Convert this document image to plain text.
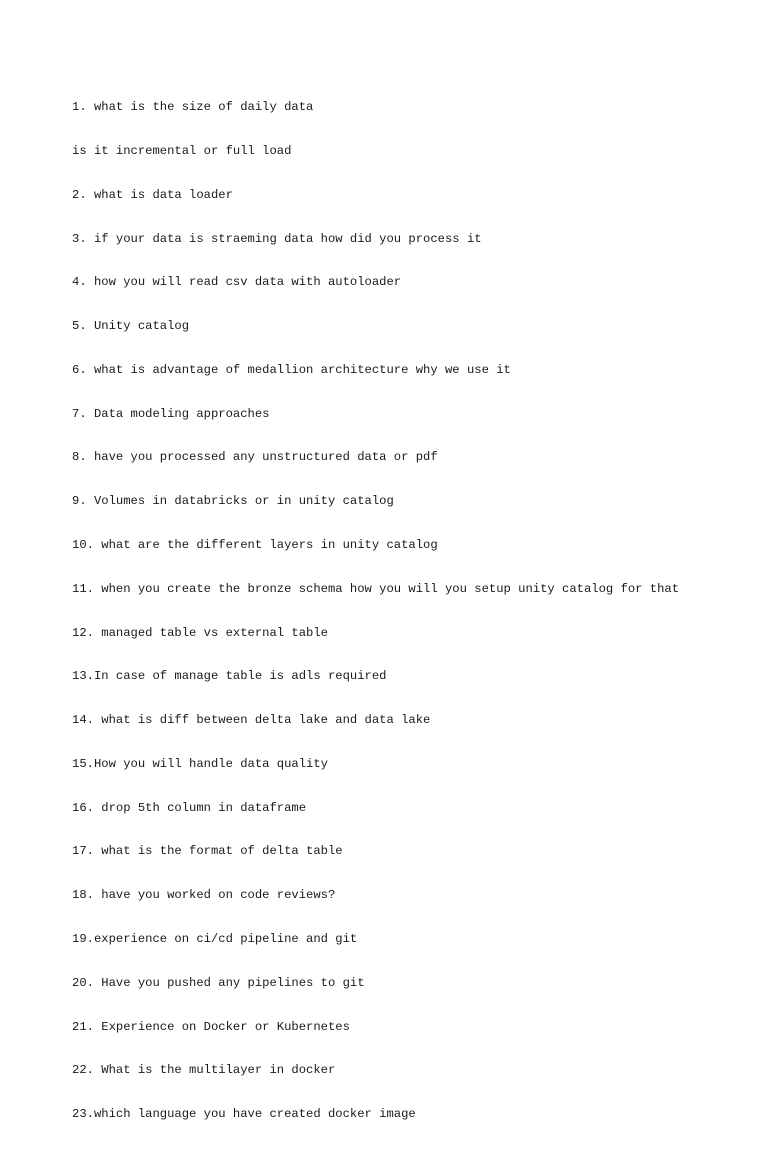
1. what is the size of daily data

is it incremental or full load

2. what is data loader

3. if your data is straeming data how did you process it

4. how you will read csv data with autoloader

5. Unity catalog

6. what is advantage of medallion architecture why we use it

7. Data modeling approaches

8. have you processed any unstructured data or pdf

9. Volumes in databricks or in unity catalog

10. what are the different layers in unity catalog

11. when you create the bronze schema how you will you setup unity catalog for that

12. managed table vs external table

13.In case of manage table is adls required

14. what is diff between delta lake and data lake

15.How you will handle data quality

16. drop 5th column in dataframe

17. what is the format of delta table

18. have you worked on code reviews?

19.experience on ci/cd pipeline and git

20. Have you pushed any pipelines to git

21. Experience on Docker or Kubernetes

22. What is the multilayer in docker

23.which language you have created docker image
